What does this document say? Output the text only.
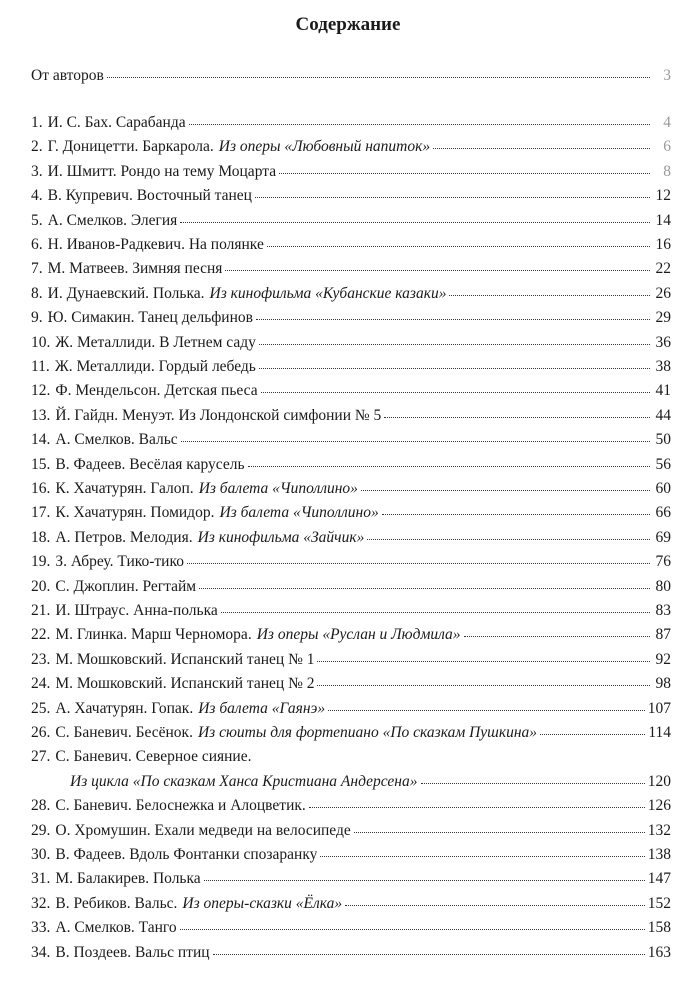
Содержание
От авторов	3
1. И. С. Бах. Сарабанда	4
2. Г. Доницетти. Баркарола. Из оперы «Любовный напиток»	6
3. И. Шмитт. Рондо на тему Моцарта	8
4. В. Купревич. Восточный танец	12
5. А. Смелков. Элегия	14
6. Н. Иванов-Радкевич. На полянке	16
7. М. Матвеев. Зимняя песня	22
8. И. Дунаевский. Полька. Из кинофильма «Кубанские казаки»	26
9. Ю. Симакин. Танец дельфинов	29
10. Ж. Металлиди. В Летнем саду	36
11. Ж. Металлиди. Гордый лебедь	38
12. Ф. Мендельсон. Детская пьеса	41
13. Й. Гайдн. Менуэт. Из Лондонской симфонии № 5	44
14. А. Смелков. Вальс	50
15. В. Фадеев. Весёлая карусель	56
16. К. Хачатурян. Галоп. Из балета «Чиполлино»	60
17. К. Хачатурян. Помидор. Из балета «Чиполлино»	66
18. А. Петров. Мелодия. Из кинофильма «Зайчик»	69
19. З. Абреу. Тико-тико	76
20. С. Джоплин. Регтайм	80
21. И. Штраус. Анна-полька	83
22. М. Глинка. Марш Черномора. Из оперы «Руслан и Людмила»	87
23. М. Мошковский. Испанский танец № 1	92
24. М. Мошковский. Испанский танец № 2	98
25. А. Хачатурян. Гопак. Из балета «Гаянэ»	107
26. С. Баневич. Бесёнок. Из сюиты для фортепиано «По сказкам Пушкина»	114
27. С. Баневич. Северное сияние.
Из цикла «По сказкам Ханса Кристиана Андерсена»	120
28. С. Баневич. Белоснежка и Алоцветик.	126
29. О. Хромушин. Ехали медведи на велосипеде	132
30. В. Фадеев. Вдоль Фонтанки спозаранку	138
31. М. Балакирев. Полька	147
32. В. Ребиков. Вальс. Из оперы-сказки «Ёлка»	152
33. А. Смелков. Танго	158
34. В. Поздеев. Вальс птиц	163
